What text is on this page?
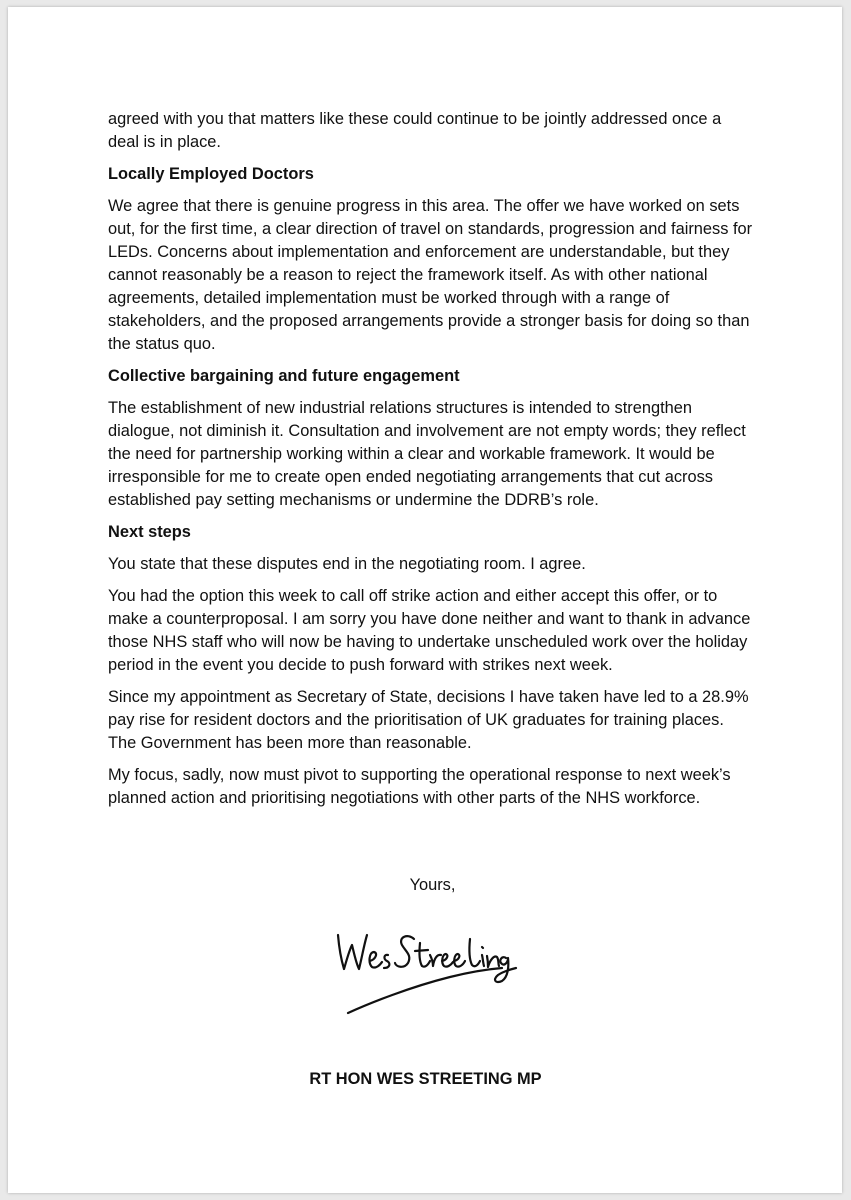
agreed with you that matters like these could continue to be jointly addressed once a deal is in place.

Locally Employed Doctors

We agree that there is genuine progress in this area. The offer we have worked on sets out, for the first time, a clear direction of travel on standards, progression and fairness for LEDs. Concerns about implementation and enforcement are understandable, but they cannot reasonably be a reason to reject the framework itself. As with other national agreements, detailed implementation must be worked through with a range of stakeholders, and the proposed arrangements provide a stronger basis for doing so than the status quo.

Collective bargaining and future engagement

The establishment of new industrial relations structures is intended to strengthen dialogue, not diminish it. Consultation and involvement are not empty words; they reflect the need for partnership working within a clear and workable framework. It would be irresponsible for me to create open ended negotiating arrangements that cut across established pay setting mechanisms or undermine the DDRB’s role.

Next steps

You state that these disputes end in the negotiating room. I agree.

You had the option this week to call off strike action and either accept this offer, or to make a counterproposal. I am sorry you have done neither and want to thank in advance those NHS staff who will now be having to undertake unscheduled work over the holiday period in the event you decide to push forward with strikes next week.

Since my appointment as Secretary of State, decisions I have taken have led to a 28.9% pay rise for resident doctors and the prioritisation of UK graduates for training places. The Government has been more than reasonable.

My focus, sadly, now must pivot to supporting the operational response to next week’s planned action and prioritising negotiations with other parts of the NHS workforce.

Yours,
RT HON WES STREETING MP
